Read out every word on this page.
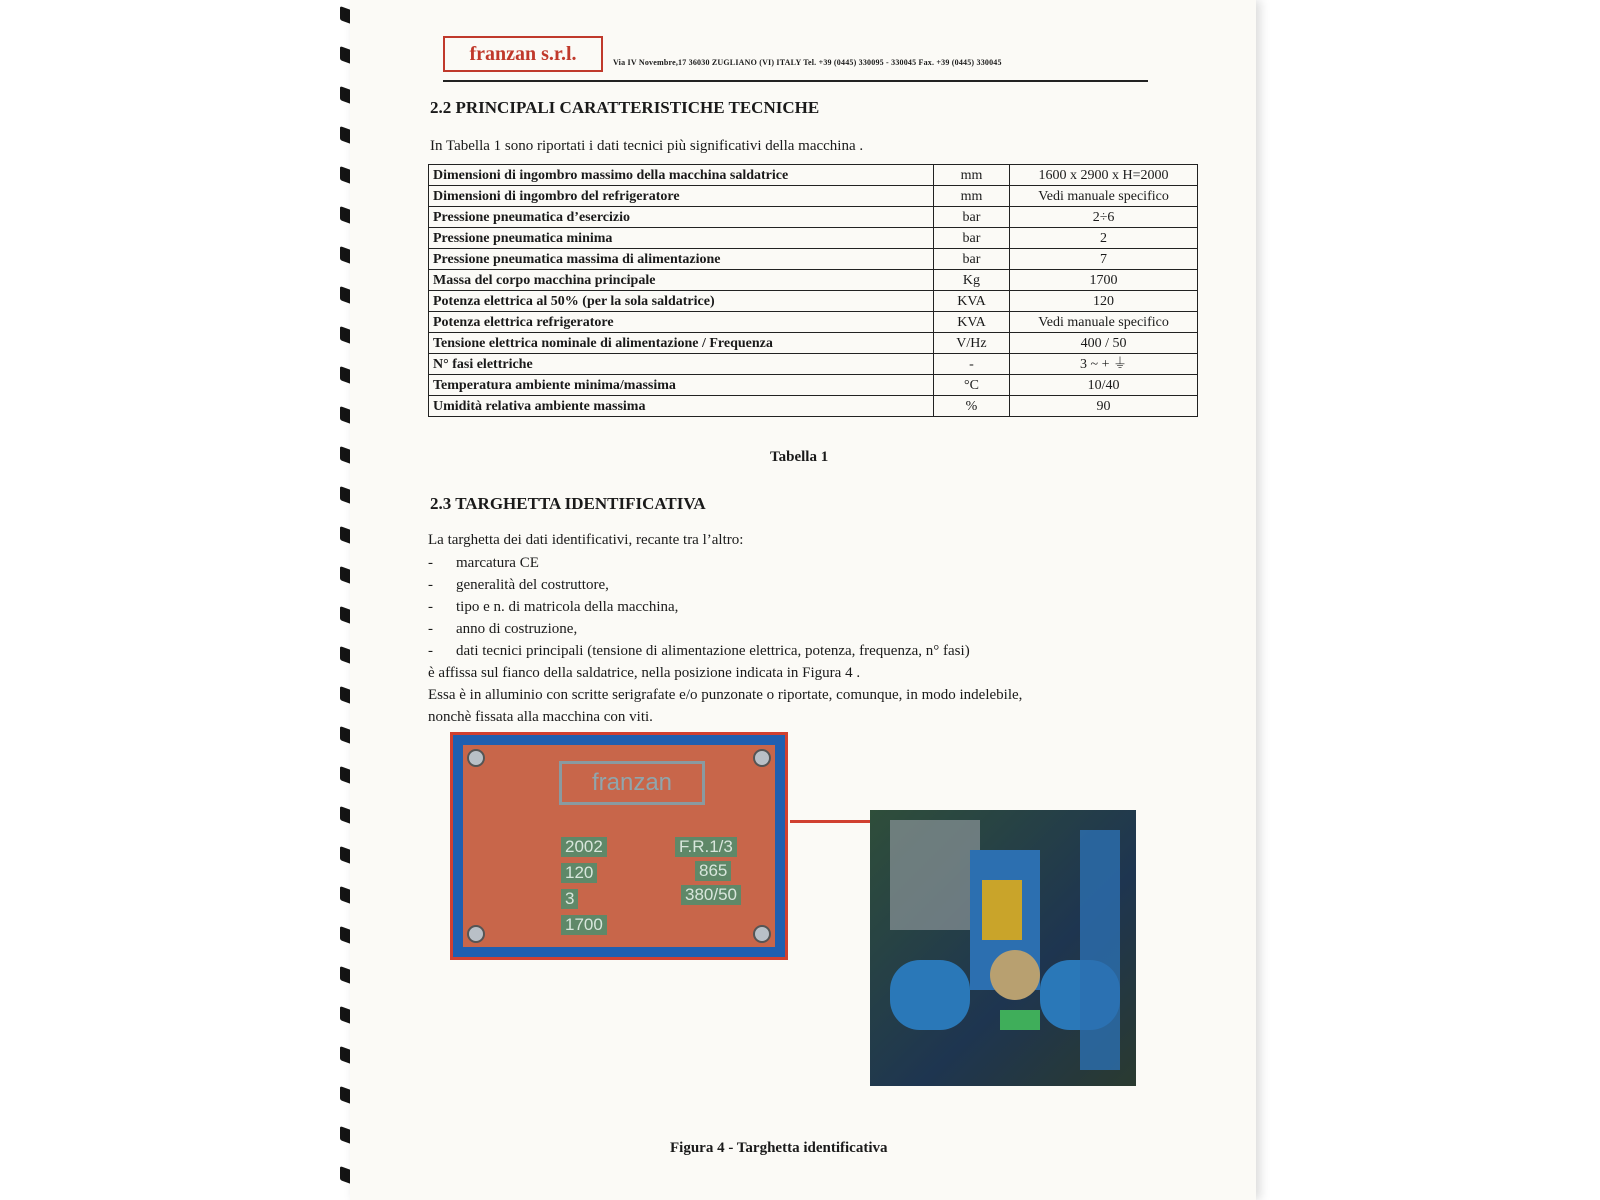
franzan s.r.l.	Via IV Novembre,17 36030 ZUGLIANO (VI) ITALY Tel. +39 (0445) 330095 - 330045 Fax. +39 (0445) 330045
2.2 PRINCIPALI CARATTERISTICHE TECNICHE
In Tabella 1 sono riportati i dati tecnici più significativi della macchina .
Dimensioni di ingombro massimo della macchina saldatrice	mm	1600 x 2900 x H=2000
Dimensioni di ingombro del refrigeratore	mm	Vedi manuale specifico
Pressione pneumatica d’esercizio	bar	2÷6
Pressione pneumatica minima	bar	2
Pressione pneumatica massima di alimentazione	bar	7
Massa del corpo macchina principale	Kg	1700
Potenza elettrica al 50% (per la sola saldatrice)	KVA	120
Potenza elettrica refrigeratore	KVA	Vedi manuale specifico
Tensione elettrica nominale di alimentazione / Frequenza	V/Hz	400 / 50
N° fasi elettriche	-	3 ~ + ⏚
Temperatura ambiente minima/massima	°C	10/40
Umidità relativa ambiente massima	%	90
Tabella 1
2.3 TARGHETTA IDENTIFICATIVA
La targhetta dei dati identificativi, recante tra l’altro:
- marcatura CE
- generalità del costruttore,
- tipo e n. di matricola della macchina,
- anno di costruzione,
- dati tecnici principali (tensione di alimentazione elettrica, potenza, frequenza, n° fasi)
è affissa sul fianco della saldatrice, nella posizione indicata in Figura 4 .
Essa è in alluminio con scritte serigrafate e/o punzonate o riportate, comunque, in modo indelebile,
nonchè fissata alla macchina con viti.
franzan
2002	F.R.1/3
120	865
3	380/50
1700
Figura 4 - Targhetta identificativa
